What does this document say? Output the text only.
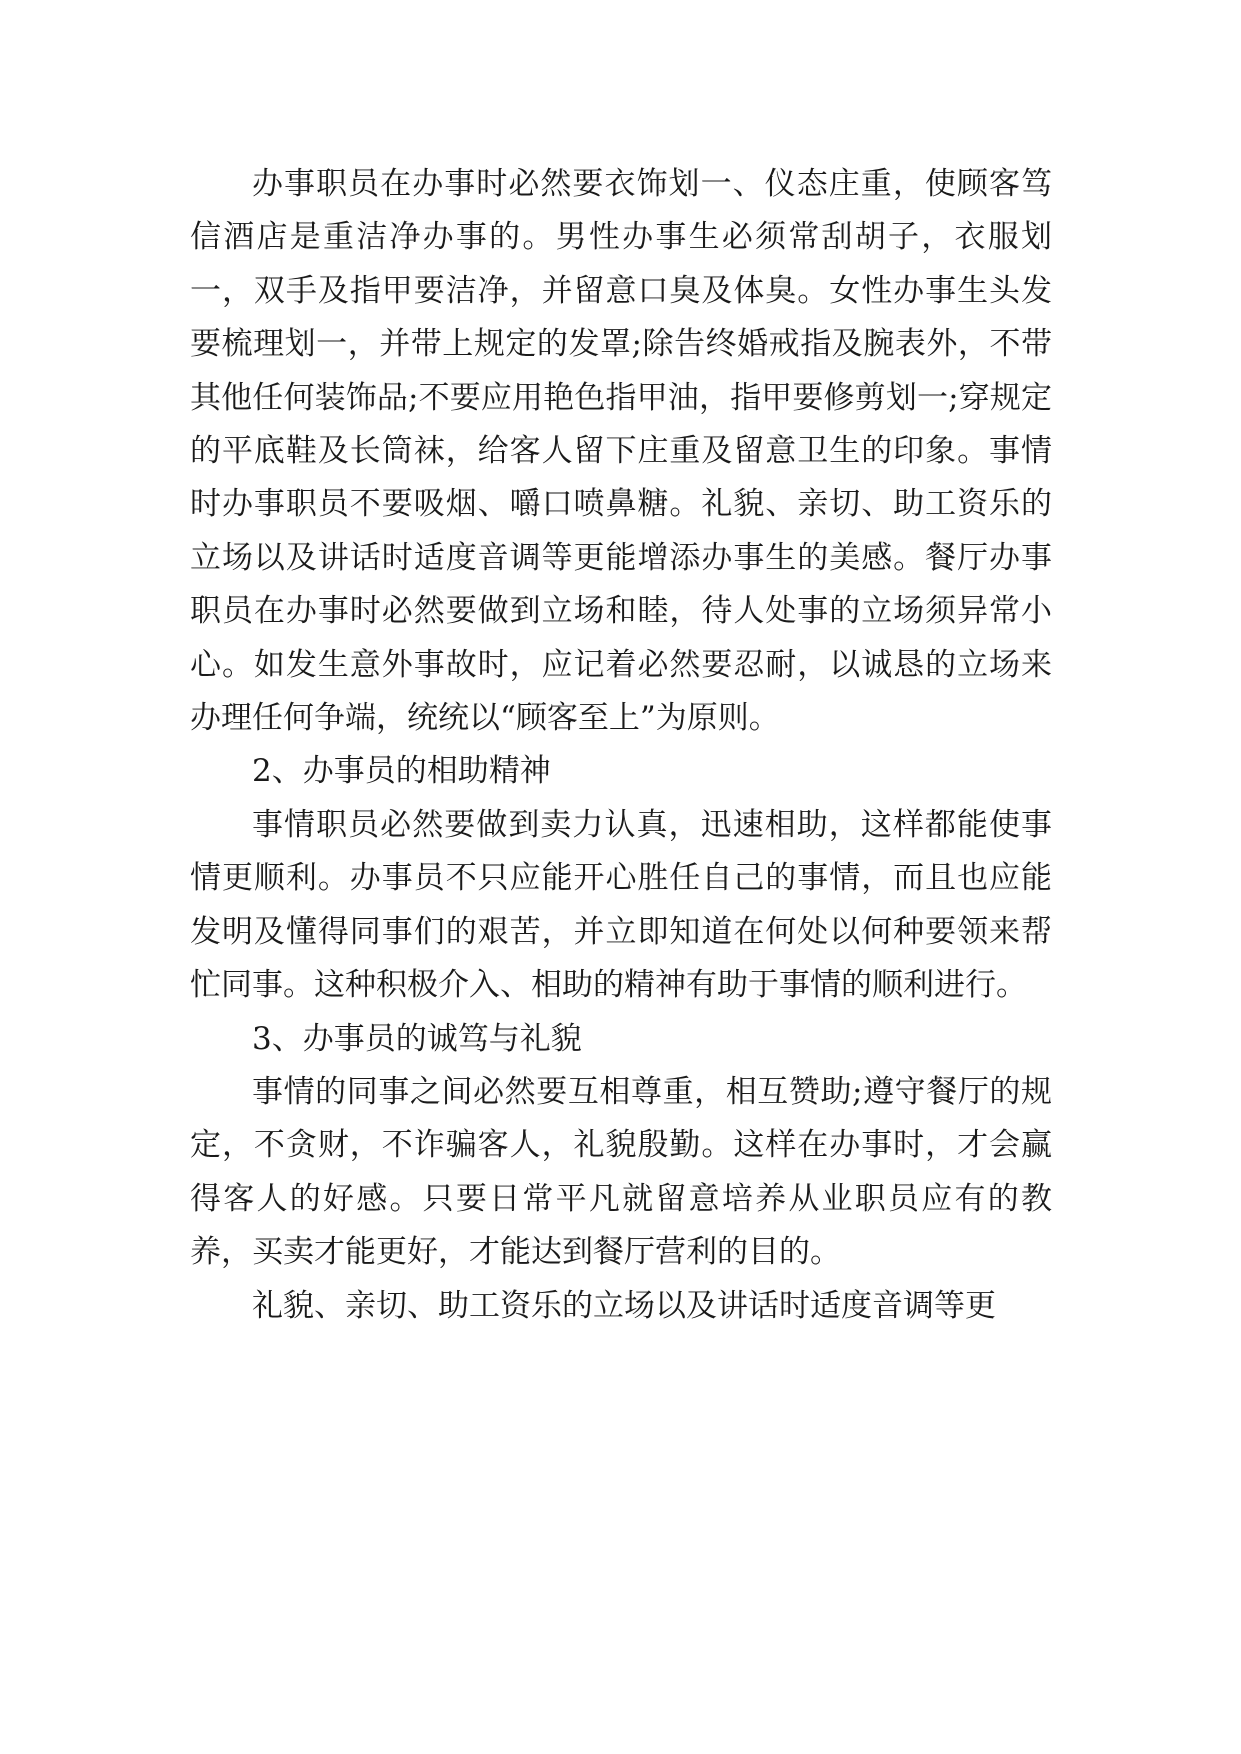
办事职员在办事时必然要衣饰划一、仪态庄重，使顾客笃信酒店是重洁净办事的。男性办事生必须常刮胡子，衣服划一，双手及指甲要洁净，并留意口臭及体臭。女性办事生头发要梳理划一，并带上规定的发罩;除告终婚戒指及腕表外，不带其他任何装饰品;不要应用艳色指甲油，指甲要修剪划一;穿规定的平底鞋及长筒袜，给客人留下庄重及留意卫生的印象。事情时办事职员不要吸烟、嚼口喷鼻糖。礼貌、亲切、助工资乐的立场以及讲话时适度音调等更能增添办事生的美感。餐厅办事职员在办事时必然要做到立场和睦，待人处事的立场须异常小心。如发生意外事故时，应记着必然要忍耐，以诚恳的立场来办理任何争端，统统以“顾客至上”为原则。

2、办事员的相助精神

事情职员必然要做到卖力认真，迅速相助，这样都能使事情更顺利。办事员不只应能开心胜任自己的事情，而且也应能发明及懂得同事们的艰苦，并立即知道在何处以何种要领来帮忙同事。这种积极介入、相助的精神有助于事情的顺利进行。

3、办事员的诚笃与礼貌

事情的同事之间必然要互相尊重，相互赞助;遵守餐厅的规定，不贪财，不诈骗客人，礼貌殷勤。这样在办事时，才会赢得客人的好感。只要日常平凡就留意培养从业职员应有的教养，买卖才能更好，才能达到餐厅营利的目的。

礼貌、亲切、助工资乐的立场以及讲话时适度音调等更
